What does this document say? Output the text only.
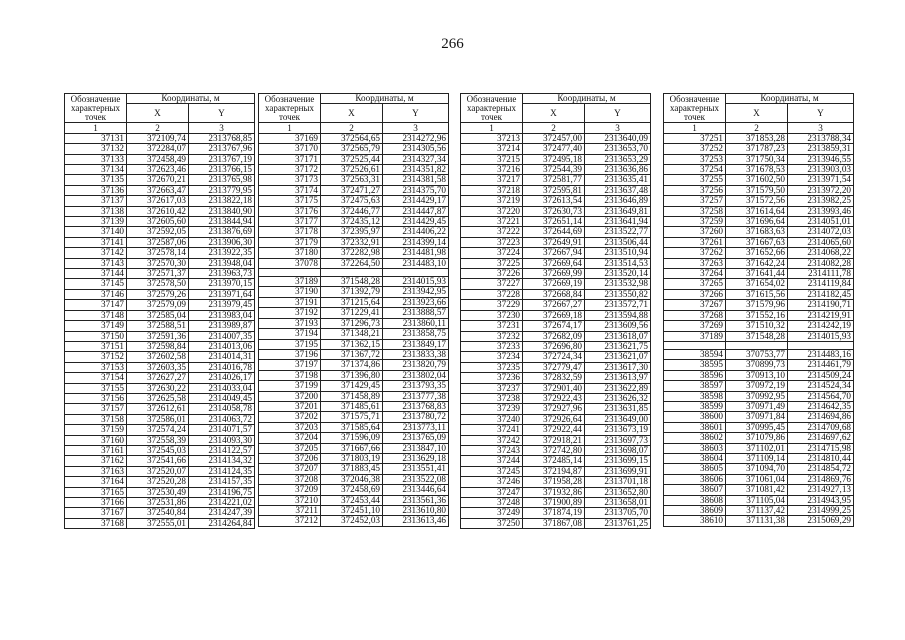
266
Обозначение характерных точек	Координаты, м	
	X	Y
1	2	3
37131	372109,74	2313768,85
37132	372284,07	2313767,96
37133	372458,49	2313767,19
37134	372623,46	2313766,15
37135	372670,21	2313765,98
37136	372663,47	2313779,95
37137	372617,03	2313822,18
37138	372610,42	2313840,90
37139	372605,60	2313844,94
37140	372592,05	2313876,69
37141	372587,06	2313906,30
37142	372578,14	2313922,35
37143	372570,30	2313948,04
37144	372571,37	2313963,73
37145	372578,50	2313970,15
37146	372579,26	2313971,64
37147	372579,09	2313979,45
37148	372585,04	2313983,04
37149	372588,51	2313989,87
37150	372591,36	2314007,35
37151	372598,84	2314013,06
37152	372602,58	2314014,31
37153	372603,35	2314016,78
37154	372627,27	2314026,17
37155	372630,22	2314033,04
37156	372625,58	2314049,45
37157	372612,61	2314058,78
37158	372586,01	2314063,72
37159	372574,24	2314071,57
37160	372558,39	2314093,30
37161	372545,03	2314122,57
37162	372541,66	2314134,32
37163	372520,07	2314124,35
37164	372520,28	2314157,35
37165	372530,49	2314196,75
37166	372531,86	2314221,02
37167	372540,84	2314247,39
37168	372555,01	2314264,84
Обозначение характерных точек	Координаты, м	
	X	Y
1	2	3
37169	372564,65	2314272,96
37170	372565,79	2314305,56
37171	372525,44	2314327,34
37172	372526,61	2314351,82
37173	372563,31	2314381,58
37174	372471,27	2314375,70
37175	372475,63	2314429,17
37176	372446,77	2314447,87
37177	372435,12	2314429,45
37178	372395,97	2314406,22
37179	372332,91	2314399,14
37180	372282,98	2314481,98
37078	372264,50	2314483,10

37189	371548,28	2314015,93
37190	371392,79	2313942,95
37191	371215,64	2313923,66
37192	371229,41	2313888,57
37193	371296,73	2313860,11
37194	371348,21	2313858,75
37195	371362,15	2313849,17
37196	371367,72	2313833,38
37197	371374,86	2313820,79
37198	371396,80	2313802,04
37199	371429,45	2313793,35
37200	371458,89	2313777,38
37201	371485,61	2313768,83
37202	371575,71	2313780,72
37203	371585,64	2313773,11
37204	371596,09	2313765,09
37205	371667,66	2313847,10
37206	371803,19	2313629,18
37207	371883,45	2313551,41
37208	372046,38	2313522,08
37209	372458,69	2313446,64
37210	372453,44	2313561,36
37211	372451,10	2313610,80
37212	372452,03	2313613,46
Обозначение характерных точек	Координаты, м	
	X	Y
1	2	3
37213	372457,00	2313640,09
37214	372477,40	2313653,70
37215	372495,18	2313653,29
37216	372544,39	2313636,86
37217	372581,77	2313635,41
37218	372595,81	2313637,48
37219	372613,54	2313646,89
37220	372630,73	2313649,81
37221	372651,14	2313641,94
37222	372644,69	2313522,77
37223	372649,91	2313506,44
37224	372667,94	2313510,94
37225	372669,64	2313514,53
37226	372669,99	2313520,14
37227	372669,19	2313532,98
37228	372668,84	2313550,82
37229	372667,27	2313572,71
37230	372669,18	2313594,88
37231	372674,17	2313609,56
37232	372682,09	2313618,07
37233	372696,80	2313621,75
37234	372724,34	2313621,07
37235	372779,47	2313617,30
37236	372832,59	2313613,97
37237	372901,40	2313622,89
37238	372922,43	2313626,32
37239	372927,96	2313631,85
37240	372926,64	2313649,00
37241	372922,44	2313673,19
37242	372918,21	2313697,73
37243	372742,80	2313698,07
37244	372485,14	2313699,15
37245	372194,87	2313699,91
37246	371958,28	2313701,18
37247	371932,86	2313652,80
37248	371900,89	2313658,01
37249	371874,19	2313705,70
37250	371867,08	2313761,25
Обозначение характерных точек	Координаты, м	
	X	Y
1	2	3
37251	371853,28	2313788,34
37252	371787,23	2313859,31
37253	371750,34	2313946,55
37254	371678,53	2313903,03
37255	371602,50	2313971,54
37256	371579,50	2313972,20
37257	371572,56	2313982,25
37258	371614,64	2313993,46
37259	371696,64	2314051,01
37260	371683,63	2314072,03
37261	371667,63	2314065,60
37262	371652,66	2314068,22
37263	371642,24	2314082,28
37264	371641,44	2314111,78
37265	371654,02	2314119,84
37266	371615,56	2314182,45
37267	371579,96	2314190,71
37268	371552,16	2314219,91
37269	371510,32	2314242,19
37189	371548,28	2314015,93

38594	370753,77	2314483,16
38595	370899,73	2314461,79
38596	370913,10	2314509,24
38597	370972,19	2314524,34
38598	370992,95	2314564,70
38599	370971,49	2314642,35
38600	370971,84	2314694,86
38601	370995,45	2314709,68
38602	371079,86	2314697,62
38603	371102,01	2314715,98
38604	371109,14	2314810,44
38605	371094,70	2314854,72
38606	371061,04	2314869,76
38607	371081,42	2314927,13
38608	371105,04	2314943,95
38609	371137,42	2314999,25
38610	371131,38	2315069,29
